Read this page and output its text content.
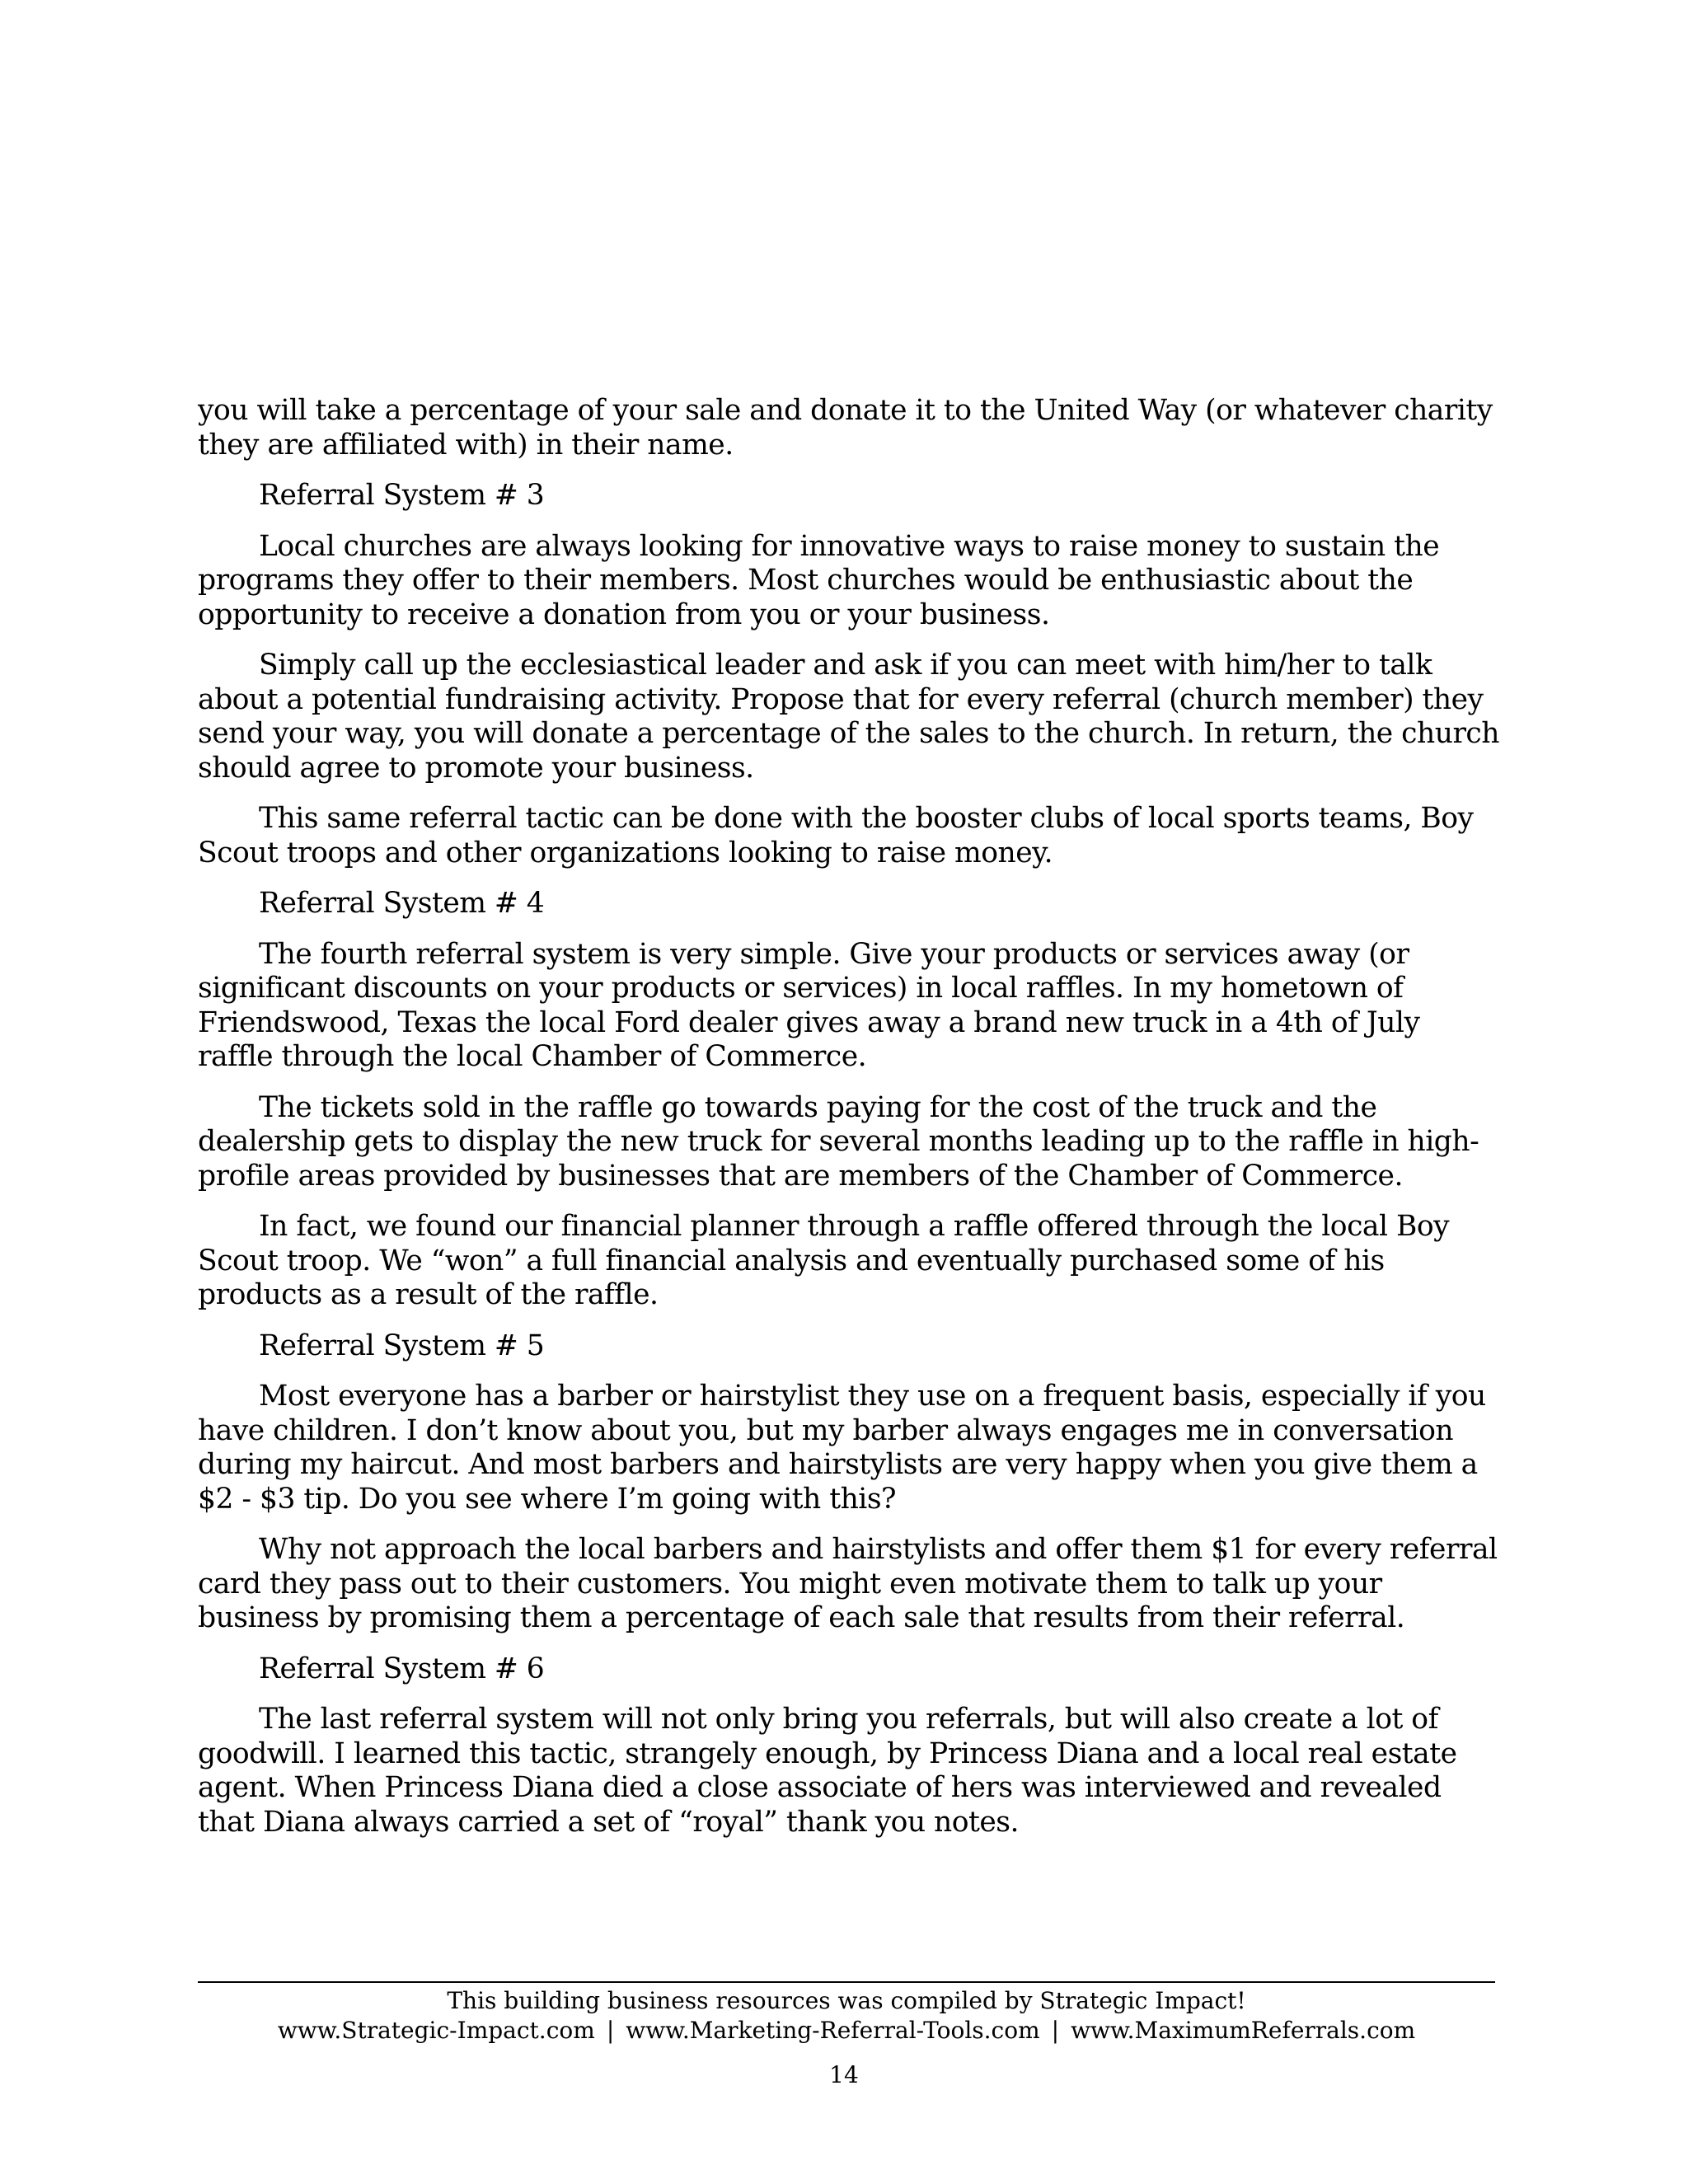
you will take a percentage of your sale and donate it to the United Way (or whatever charity they are affiliated with) in their name.

Referral System # 3

Local churches are always looking for innovative ways to raise money to sustain the programs they offer to their members. Most churches would be enthusiastic about the opportunity to receive a donation from you or your business.

Simply call up the ecclesiastical leader and ask if you can meet with him/her to talk about a potential fundraising activity. Propose that for every referral (church member) they send your way, you will donate a percentage of the sales to the church. In return, the church should agree to promote your business.

This same referral tactic can be done with the booster clubs of local sports teams, Boy Scout troops and other organizations looking to raise money.

Referral System # 4

The fourth referral system is very simple. Give your products or services away (or significant discounts on your products or services) in local raffles. In my hometown of Friendswood, Texas the local Ford dealer gives away a brand new truck in a 4th of July raffle through the local Chamber of Commerce.

The tickets sold in the raffle go towards paying for the cost of the truck and the dealership gets to display the new truck for several months leading up to the raffle in high-profile areas provided by businesses that are members of the Chamber of Commerce.

In fact, we found our financial planner through a raffle offered through the local Boy Scout troop. We “won” a full financial analysis and eventually purchased some of his products as a result of the raffle.

Referral System # 5

Most everyone has a barber or hairstylist they use on a frequent basis, especially if you have children. I don’t know about you, but my barber always engages me in conversation during my haircut. And most barbers and hairstylists are very happy when you give them a $2 - $3 tip. Do you see where I’m going with this?

Why not approach the local barbers and hairstylists and offer them $1 for every referral card they pass out to their customers. You might even motivate them to talk up your business by promising them a percentage of each sale that results from their referral.

Referral System # 6

The last referral system will not only bring you referrals, but will also create a lot of goodwill. I learned this tactic, strangely enough, by Princess Diana and a local real estate agent. When Princess Diana died a close associate of hers was interviewed and revealed that Diana always carried a set of “royal” thank you notes.

This building business resources was compiled by Strategic Impact!
www.Strategic-Impact.com | www.Marketing-Referral-Tools.com | www.MaximumReferrals.com
14
